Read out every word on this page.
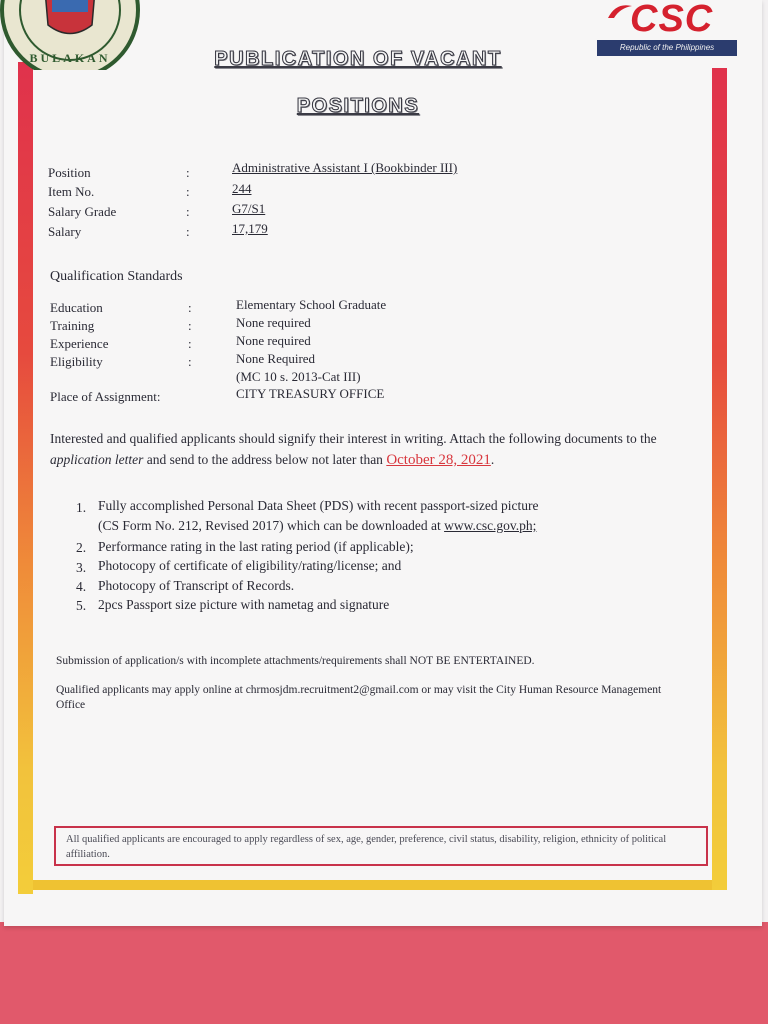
BULAKAN
CSC
Republic of the Philippines
PUBLICATION OF VACANT
POSITIONS
Position	:	Administrative Assistant I (Bookbinder III)
Item No.	:	244
Salary Grade	:	G7/S1
Salary	:	17,179
Qualification Standards
Education	:	Elementary School Graduate
Training	:	None required
Experience	:	None required
Eligibility	:	None Required
(MC 10 s. 2013-Cat III)
Place of Assignment:	CITY TREASURY OFFICE
Interested and qualified applicants should signify their interest in writing. Attach the following documents to the application letter and send to the address below not later than October 28, 2021.
1. Fully accomplished Personal Data Sheet (PDS) with recent passport-sized picture
(CS Form No. 212, Revised 2017) which can be downloaded at www.csc.gov.ph;
2. Performance rating in the last rating period (if applicable);
3. Photocopy of certificate of eligibility/rating/license; and
4. Photocopy of Transcript of Records.
5. 2pcs Passport size picture with nametag and signature
Submission of application/s with incomplete attachments/requirements shall NOT BE ENTERTAINED.
Qualified applicants may apply online at chrmosjdm.recruitment2@gmail.com or may visit the City Human Resource Management Office
All qualified applicants are encouraged to apply regardless of sex, age, gender, preference, civil status, disability, religion, ethnicity of political affiliation.
